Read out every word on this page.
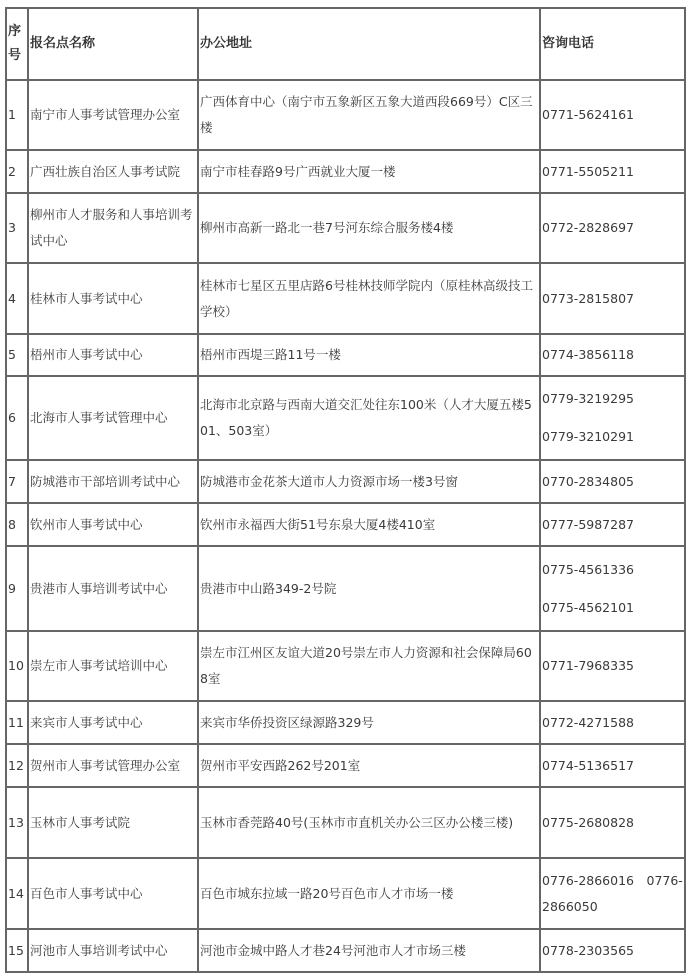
序号	报名点名称	办公地址	咨询电话
1	南宁市人事考试管理办公室	广西体育中心（南宁市五象新区五象大道西段669号）C区三楼	0771-5624161
2	广西壮族自治区人事考试院	南宁市桂春路9号广西就业大厦一楼	0771-5505211
3	柳州市人才服务和人事培训考试中心	柳州市高新一路北一巷7号河东综合服务楼4楼	0772-2828697
4	桂林市人事考试中心	桂林市七星区五里店路6号桂林技师学院内（原桂林高级技工学校）	0773-2815807
5	梧州市人事考试中心	梧州市西堤三路11号一楼	0774-3856118
6	北海市人事考试管理中心	北海市北京路与西南大道交汇处往东100米（人才大厦五楼501、503室）	0779-3219295
0779-3210291

7	防城港市干部培训考试中心	防城港市金花茶大道市人力资源市场一楼3号窗	0770-2834805
8	钦州市人事考试中心	钦州市永福西大街51号东泉大厦4楼410室	0777-5987287
9	贵港市人事培训考试中心	贵港市中山路349-2号院	0775-4561336
0775-4562101

10	崇左市人事考试培训中心	崇左市江州区友谊大道20号崇左市人力资源和社会保障局608室	0771-7968335
11	来宾市人事考试中心	来宾市华侨投资区绿源路329号	0772-4271588
12	贺州市人事考试管理办公室	贺州市平安西路262号201室	0774-5136517
13	玉林市人事考试院	玉林市香莞路40号(玉林市市直机关办公三区办公楼三楼)	0775-2680828
14	百色市人事考试中心	百色市城东拉域一路20号百色市人才市场一楼	0776-2866016　0776-2866050
15	河池市人事培训考试中心	河池市金城中路人才巷24号河池市人才市场三楼	0778-2303565
